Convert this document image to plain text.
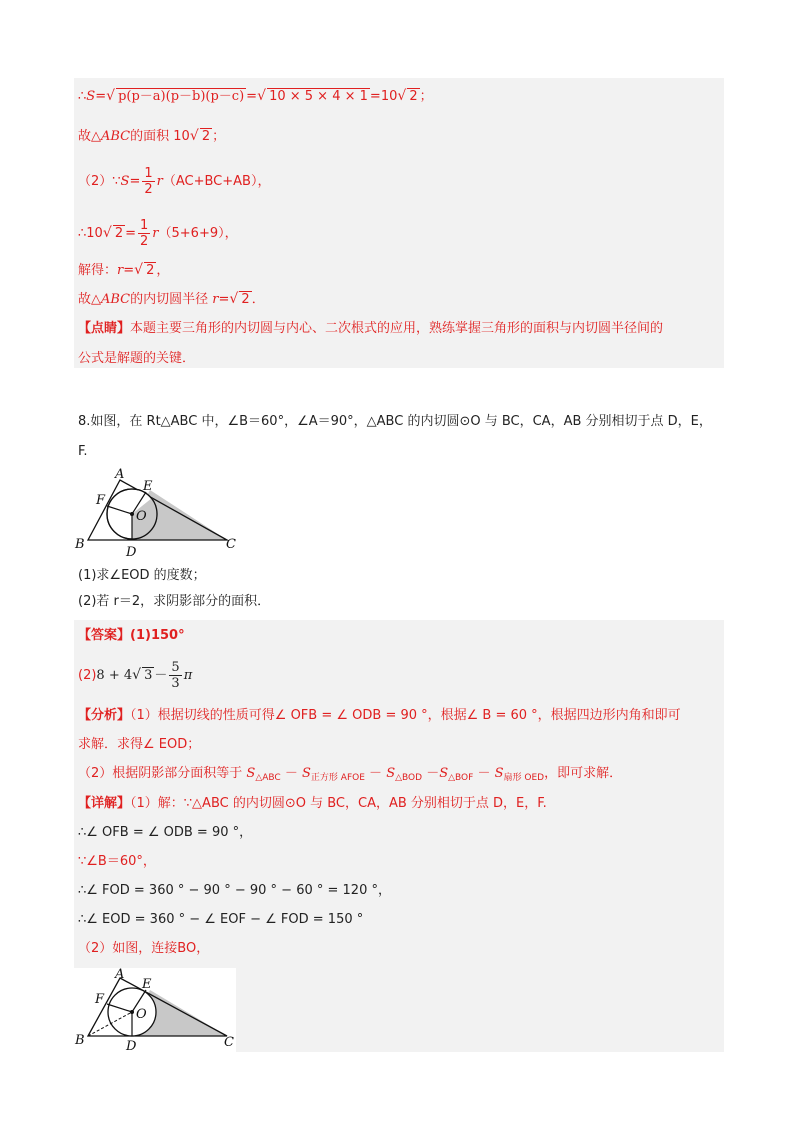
∴S= √ p(p－a)(p－b)(p－c) = √ 10 × 5 × 4 × 1 =10 √ 2 ；
故△ABC的面积 10 √ 2 ；
（2）∵S= $\frac{1}{2} r(AC+BC+AB)$，
∴10 √ $2 = \frac{1}{2} r(5+6+9)$，
解得：r= √ 2 ，
故△ABC的内切圆半径 r= √ 2 ．
【点睛】本题主要三角形的内切圆与内心、二次根式的应用，熟练掌握三角形的面积与内切圆半径间的
公式是解题的关键．
8.如图，在 Rt△ABC 中，∠B＝60°，∠A＝90°，△ABC 的内切圆⊙O 与 BC，CA，AB 分别相切于点 D，E，
F.
A
B	C
D
E
F
O
(1)求∠EOD 的度数；
(2)若 r＝2，求阴影部分的面积．
【答案】(1)150°
(2)8 + 4 √ $3 - \frac{5}{3}$ π
【分析】（1）根据切线的性质可得∠ OFB = ∠ ODB = 90 °，根据∠ B = 60 °，根据四边形内角和即可
求解．求得∠ EOD；
（2）根据阴影部分面积等于 $S_{\triangle ABC} - S_{正方形 AFOE} - S_{\triangle BOD} -S_{\triangle BOF} - S_{扇形 OED}$，即可求解．
【详解】（1）解：∵△ABC 的内切圆⊙O 与 BC，CA，AB 分别相切于点 D，E，F.
∴∠ OFB = ∠ ODB = 90 °，
∵∠B＝60°，
∴∠ FOD = 360 ° − 90 ° − 90 ° − 60 ° = 120 °，
∴∠ EOD = 360 ° − ∠ EOF − ∠ FOD = 150 °
（2）如图，连接BO，
A
B	C
D
E
F
O
